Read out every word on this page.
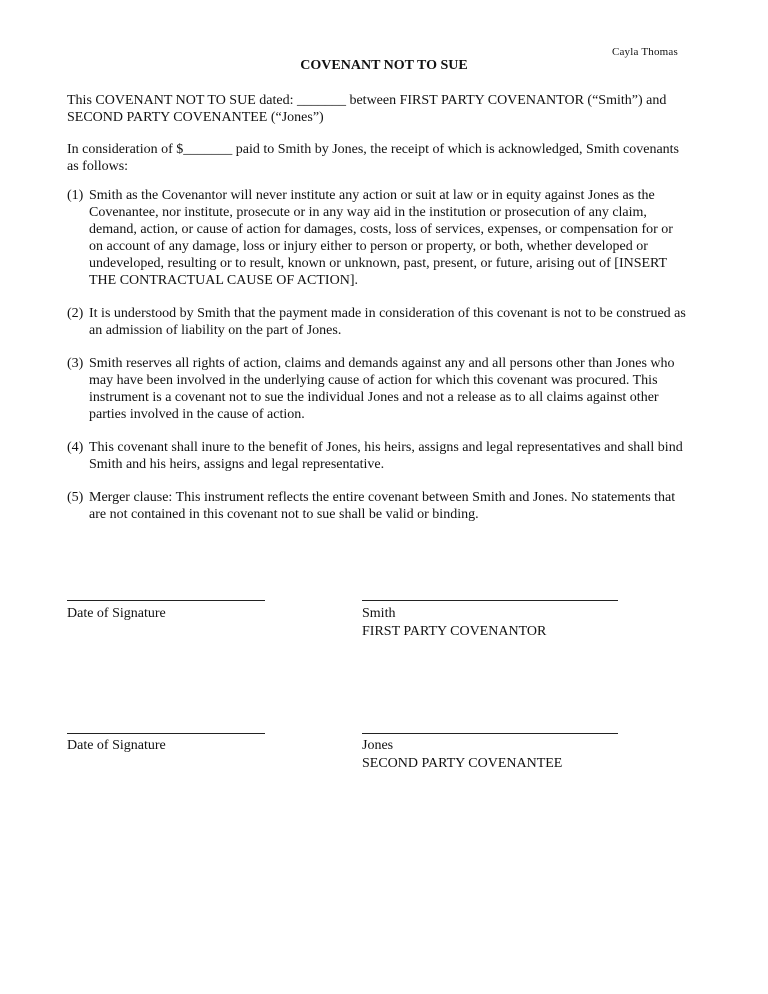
Cayla Thomas
COVENANT NOT TO SUE
This COVENANT NOT TO SUE dated: _______ between FIRST PARTY COVENANTOR (“Smith”) and SECOND PARTY COVENANTEE (“Jones”)
In consideration of $_______ paid to Smith by Jones, the receipt of which is acknowledged, Smith covenants as follows:
(1) Smith as the Covenantor will never institute any action or suit at law or in equity against Jones as the Covenantee, nor institute, prosecute or in any way aid in the institution or prosecution of any claim, demand, action, or cause of action for damages, costs, loss of services, expenses, or compensation for or on account of any damage, loss or injury either to person or property, or both, whether developed or undeveloped, resulting or to result, known or unknown, past, present, or future, arising out of [INSERT THE CONTRACTUAL CAUSE OF ACTION].
(2) It is understood by Smith that the payment made in consideration of this covenant is not to be construed as an admission of liability on the part of Jones.
(3) Smith reserves all rights of action, claims and demands against any and all persons other than Jones who may have been involved in the underlying cause of action for which this covenant was procured. This instrument is a covenant not to sue the individual Jones and not a release as to all claims against other parties involved in the cause of action.
(4) This covenant shall inure to the benefit of Jones, his heirs, assigns and legal representatives and shall bind Smith and his heirs, assigns and legal representative.
(5) Merger clause: This instrument reflects the entire covenant between Smith and Jones. No statements that are not contained in this covenant not to sue shall be valid or binding.
Date of Signature	Smith
FIRST PARTY COVENANTOR
Date of Signature	Jones
SECOND PARTY COVENANTEE
